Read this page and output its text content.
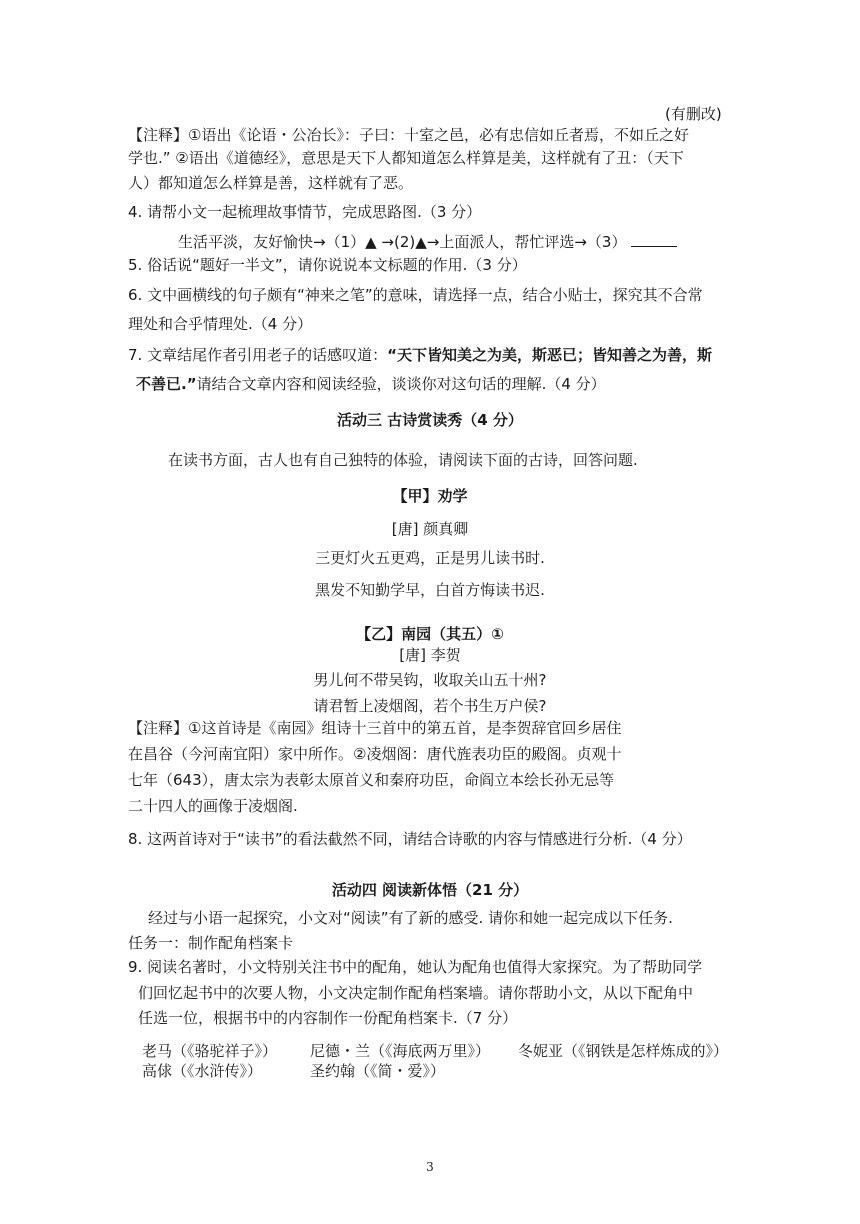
(有删改)
【注释】①语出《论语・公冶长》：子曰：十室之邑，必有忠信如丘者焉，不如丘之好
学也.” ②语出《道德经》，意思是天下人都知道怎么样算是美，这样就有了丑：（天下
人）都知道怎么样算是善，这样就有了恶。
4. 请帮小文一起梳理故事情节，完成思路图.（3 分）
生活平淡，友好愉快→（1）▲ →(2)▲→上面派人，帮忙评选→（3）
5. 俗话说“题好一半文”，请你说说本文标题的作用.（3 分）
6. 文中画横线的句子颇有“神来之笔”的意味，请选择一点，结合小贴士，探究其不合常
理处和合乎情理处.（4 分）
7. 文章结尾作者引用老子的话感叹道：“天下皆知美之为美，斯恶已；皆知善之为善，斯
不善已.”请结合文章内容和阅读经验，谈谈你对这句话的理解.（4 分）
活动三 古诗赏读秀（4 分）
在读书方面，古人也有自己独特的体验，请阅读下面的古诗，回答问题.
【甲】劝学
[唐] 颜真卿
三更灯火五更鸡，正是男儿读书时.
黑发不知勤学早，白首方悔读书迟.
【乙】南园（其五）①
[唐] 李贺
男儿何不带吴钩，收取关山五十州?
请君暂上凌烟阁，若个书生万户侯?
【注释】①这首诗是《南园》组诗十三首中的第五首，是李贺辞官回乡居住
在昌谷（今河南宜阳）家中所作。②凌烟阁：唐代旌表功臣的殿阁。贞观十
七年（643），唐太宗为表彰太原首义和秦府功臣，命阎立本绘长孙无忌等
二十四人的画像于凌烟阁.
8. 这两首诗对于“读书”的看法截然不同，请结合诗歌的内容与情感进行分析.（4 分）
活动四 阅读新体悟（21 分）
经过与小语一起探究，小文对“阅读”有了新的感受. 请你和她一起完成以下任务.
任务一：制作配角档案卡
9. 阅读名著时，小文特别关注书中的配角，她认为配角也值得大家探究。为了帮助同学
们回忆起书中的次要人物，小文决定制作配角档案墙。请你帮助小文，从以下配角中
任选一位，根据书中的内容制作一份配角档案卡.（7 分）
老马（《骆驼祥子》） 尼德・兰（《海底两万里》） 冬妮亚（《钢铁是怎样炼成的》）
高俅（《水浒传》）	圣约翰（《简・爱》）
3
